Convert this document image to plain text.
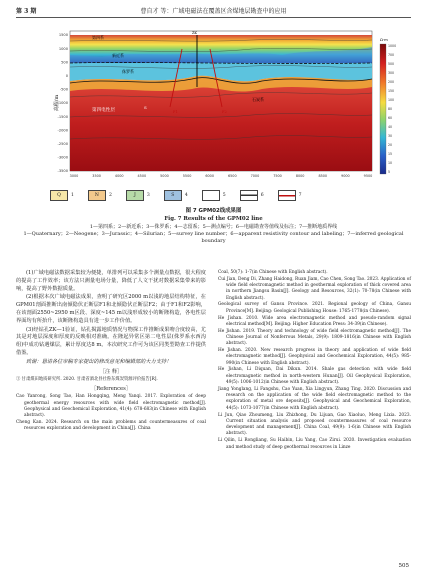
第 3 期	曹自才 等：广域电磁法在覆盖区含煤地层勘查中的应用
高程/m
1500
1000
500
0
-500
-1000
-1500
-2000
-2500
-3000
-3500
3000	3500	4000	4500	5000	5500	6000	6500	7000	7500	8000	8500	9000	9500
第四系
新近系
侏罗系
石炭系
第四电性层	F1	F2
ZK
S
Ω·m
1000
700
500
300
200
150
100
80
60
40
30
20
15
10
5
Q 1	N 2	J 3	S 4	5	6	7
图 7 GPM02线成果图
Fig. 7 Results of the GPM02 line
1—第四系；2—新近系；3—侏罗系；4—志留系；5—测点编号；6—电磁勘查等值线及标注；7—推断地质界线
1—Quaternary；2—Neogene；3—Jurassic；4—Silurian；5—survey line number；6—apparent resistivity contour and labeling；7—inferred geological boundary

(1)广域电磁法数据采集较为便捷，单排列可以采集多个测量点数据，很大程度的提高了工作效率；该方法只测量电场分量，降低了人文干扰对数据采集带来的影响，提高了野外数据质量。

(2)根据本次广域电磁法成果，查明了研究区2000 m以浅的地层结构特征，在GPM01剖面推断出南倾隐伏正断层F1和北倾隐伏正断层F2；由于F1和F2影响，在该剖面2550~2950 m区段、深度~145 m以浅形成较小的断隆构造，各电性层界面均有所抬升，该断隆构造具有进一步工作价值。

(3)经钻孔ZK—1验证，钻孔揭露地质情况与物探工作推断成果吻合度较高，尤其是对地层深度和厚度的反映相对准确。在隆起异常区第二电性层(侏罗系水西沟组)中成功钻遇煤层，累计厚度达8 m。本次研究工作可为该区同类型勘查工作提供借鉴。

致谢：恳请各位审稿专家提出的修改意见和编辑部的大力支持！

［注 释］

① 甘肃煤田地质研究所. 2020. 甘肃省酒北县社鲁东煤炭资源评价报告[R].

［References］

Cao Yanrong, Song Tao, Han Hongqing, Meng Yanqi. 2017. Exploration of deep geothermal energy resources with wide field electromagnetic method[J]. Geophysical and Geochemical Exploration, 41(4): 678-683(in Chinese with English abstract).

Cheng Kan. 2024. Research on the main problems and countermeasures of coal resources exploration and development in China[J]. China

Coal, 50(7): 1-7(in Chinese with English abstract).

Cui Jian, Deng Di, Zhang Haidong, Ruan Jiam, Cao Chen, Song Tao. 2023. Application of wide field electromagnetic method in geothermal exploration of thick covered area in northern Jiangsu Basin[J]. Geology and Resources, 32(1): 70-78(in Chinese with English abstract).

Geological survey of Gansu Province. 2021. Regional geology of China, Gansu Province[M]. Beijing: Geological Publishing House: 1765-1778(in Chinese).

He Jishan. 2010. Wide area electromagnetic method and pseudo-random signal electrical method[M]. Beijing: Higher Education Press: 34-39(in Chinese).

He Jishan. 2019. Theory and technology of wide field electromagnetic method[J]. The Chinese Journal of Nonferrous Metals, 29(9): 1809-1816(in Chinese with English abstract).

He Jishan. 2020. New research progress in theory and application of wide field electromagnetic method[J]. Geophysical and Geochemical Exploration, 44(5): 985-990(in Chinese with English abstract).

He Jishan, Li Diquan, Dai Dikun. 2014. Shale gas detection with wide field electromagnetic method in north-western Hunan[J]. Oil Geophysical Exploration, 49(5): 1006-1012(in Chinese with English abstract).

Jiang Yonglang, Li Fangshu, Cao Yuan, Xia Lingyun, Zhang Ting. 2020. Discussion and research on the application of the wide field electromagnetic method to the exploration of metal ore deposits[J]. Geophysical and Geochemical Exploration, 44(5): 1073-1077(in Chinese with English abstract).

Li Jun, Qiao Zhoumeng, Liu Zhizhong, Du Lijuan, Gao Xiaoluo, Meng Lixia. 2023. Current situation analysis and proposed countermeasures of coal resource development and management[J]. China Coal, 49(9): 1-6(in Chinese with English abstract).

Li Qilin, Li Rongliang, Su Haibin, Liu Yang, Cao Zirui. 2020. Investigation evaluation and method study of deep geothermal resources in Linze

505
